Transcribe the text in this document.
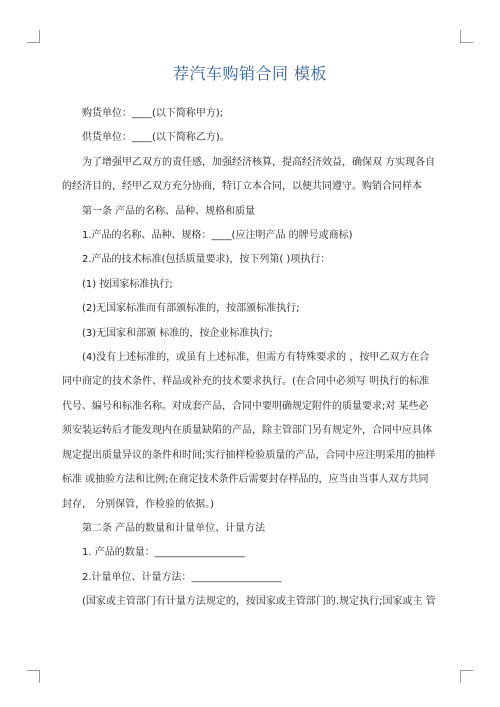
荐汽车购销合同 模板

购货单位：____(以下简称甲方);

供货单位：____(以下简称乙方)。

为了增强甲乙双方的责任感，加强经济核算，提高经济效益，确保双 方实现各自

的经济目的，经甲乙双方充分协商，特订立本合同，以便共同遵守。购销合同样本

第一条 产品的名称、品种、规格和质量

1.产品的名称、品种、规格：____(应注明产品 的牌号或商标)

2.产品的技术标准(包括质量要求)，按下列第( )项执行：

(1) 按国家标准执行;

(2)无国家标准而有部颁标准的，按部颁标准执行;

(3)无国家和部颁 标准的，按企业标准执行;

(4)没有上述标准的，或虽有上述标准，但需方有特殊要求的 ，按甲乙双方在合

同中商定的技术条件、样品或补充的技术要求执行。(在合同中必须写 明执行的标准

代号、编号和标准名称。对成套产品，合同中要明确规定附件的质量要求;对 某些必

须安装运转后才能发现内在质量缺陷的产品，除主管部门另有规定外，合同中应具体

规定提出质量异议的条件和时间;实行抽样检验质量的产品，合同中应注明采用的抽样

标准 或抽验方法和比例;在商定技术条件后需要封存样品的，应当由当事人双方共同

封存， 分别保管，作检验的依据。)

第二条 产品的数量和计量单位、计量方法

1. 产品的数量：__________________

2.计量单位、计量方法：__________________

(国家或主管部门有计量方法规定的，按国家或主管部门的.规定执行;国家或主 管
